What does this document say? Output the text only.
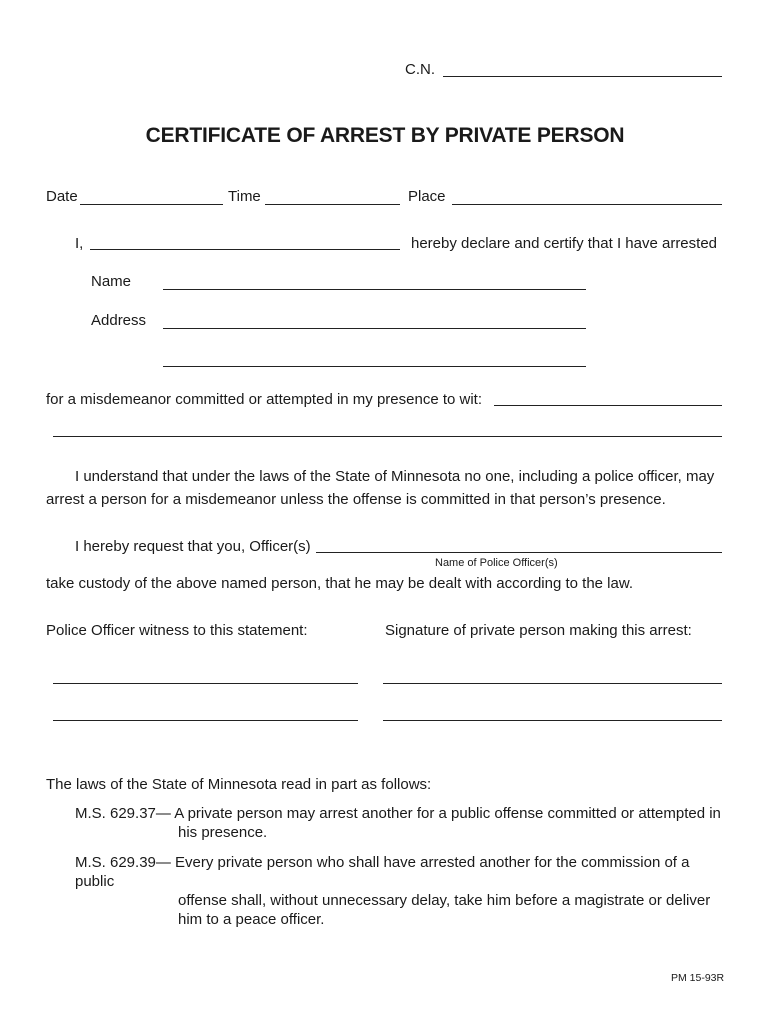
C.N.
CERTIFICATE OF ARREST BY PRIVATE PERSON
Date	Time	Place
I,	hereby declare and certify that I have arrested
Name
Address
for a misdemeanor committed or attempted in my presence to wit:
I understand that under the laws of the State of Minnesota no one, including a police officer, may
arrest a person for a misdemeanor unless the offense is committed in that person’s presence.
I hereby request that you, Officer(s)
Name of Police Officer(s)
take custody of the above named person, that he may be dealt with according to the law.
Police Officer witness to this statement:	Signature of private person making this arrest:
The laws of the State of Minnesota read in part as follows:
M.S. 629.37— A private person may arrest another for a public offense committed or attempted in
his presence.
M.S. 629.39— Every private person who shall have arrested another for the commission of a public
offense shall, without unnecessary delay, take him before a magistrate or deliver
him to a peace officer.
PM 15-93R
